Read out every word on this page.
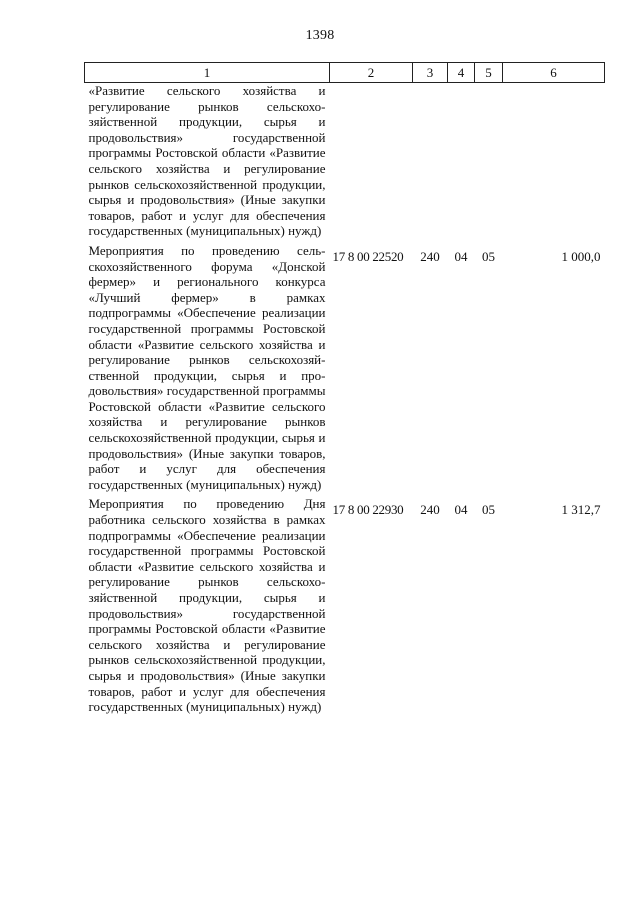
1398
1	2	3	4	5	6
«Развитие сельского хозяйства и регулирование рынков сельскохозяйственной продукции, сырья и продовольствия» государственной программы Ростовской области «Развитие сельского хозяйства и регулирование рынков сельскохозяйственной продукции, сырья и продовольствия» (Иные закупки товаров, работ и услуг для обеспечения государственных (муниципальных) нужд)					
Мероприятия по проведению сельскохозяйственного форума «Донской фермер» и регионального конкурса «Лучший фермер» в рамках подпрограммы «Обеспечение реализации государственной программы Ростовской области «Развитие сельского хозяйства и регулирование рынков сельскохозяйственной продукции, сырья и продовольствия» государственной программы Ростовской области «Развитие сельского хозяйства и регулирование рынков сельскохозяйственной продукции, сырья и продовольствия» (Иные закупки товаров, работ и услуг для обеспечения государственных (муниципальных) нужд)	17 8 00 22520	240	04	05	1 000,0
Мероприятия по проведению Дня работника сельского хозяйства в рамках подпрограммы «Обеспечение реализации государственной программы Ростовской области «Развитие сельского хозяйства и регулирование рынков сельскохозяйственной продукции, сырья и продовольствия» государственной программы Ростовской области «Развитие сельского хозяйства и регулирование рынков сельскохозяйственной продукции, сырья и продовольствия» (Иные закупки товаров, работ и услуг для обеспечения государственных (муниципальных) нужд)	17 8 00 22930	240	04	05	1 312,7
